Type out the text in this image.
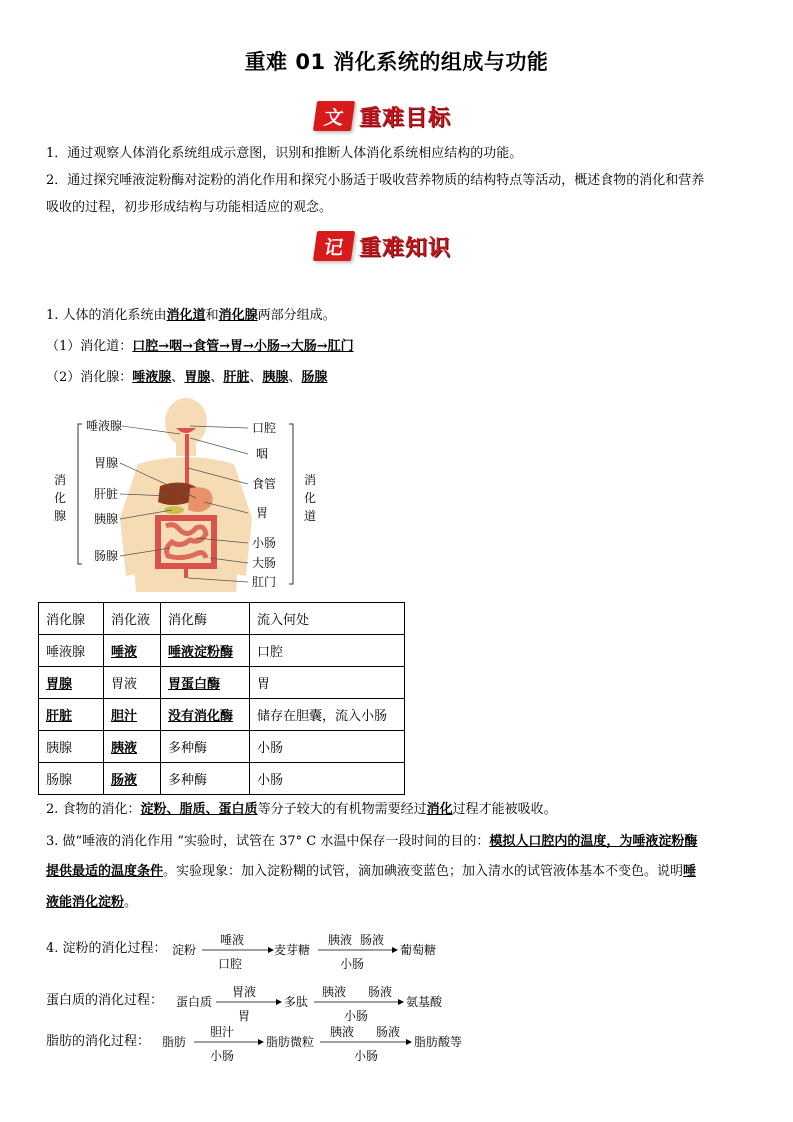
重难 01 消化系统的组成与功能
文 重难目标
1．通过观察人体消化系统组成示意图，识别和推断人体消化系统相应结构的功能。
2．通过探究唾液淀粉酶对淀粉的消化作用和探究小肠适于吸收营养物质的结构特点等活动，概述食物的消化和营养
吸收的过程，初步形成结构与功能相适应的观念。
记 重难知识
1. 人体的消化系统由消化道和消化腺两部分组成。
（1）消化道：口腔→咽→食管→胃→小肠→大肠→肛门
（2）消化腺：唾液腺、胃腺、肝脏、胰腺、肠腺
消
化
腺
消
化
道
唾液腺
胃腺
肝脏
胰腺
肠腺
口腔
咽
食管
胃
小肠
大肠
肛门
消化腺	消化液	消化酶	流入何处
唾液腺	唾液	唾液淀粉酶	口腔
胃腺	胃液	胃蛋白酶	胃
肝脏	胆汁	没有消化酶	储存在胆囊，流入小肠
胰腺	胰液	多种酶	小肠
肠腺	肠液	多种酶	小肠
2. 食物的消化：淀粉、脂质、蛋白质等分子较大的有机物需要经过消化过程才能被吸收。
3. 做“唾液的消化作用 ”实验时，试管在 37° C 水温中保存一段时间的目的：模拟人口腔内的温度，为唾液淀粉酶
提供最适的温度条件。实验现象：加入淀粉糊的试管，滴加碘液变蓝色；加入清水的试管液体基本不变色。说明唾
液能消化淀粉。
4. 淀粉的消化过程： 淀粉
唾液
口腔
麦芽糖
胰液 肠液
小肠
葡萄糖
蛋白质的消化过程： 蛋白质
胃液
胃
多肽
胰液 肠液
小肠
氨基酸
脂肪的消化过程： 脂肪
胆汁
小肠
脂肪微粒
胰液 肠液
小肠
脂肪酸等
